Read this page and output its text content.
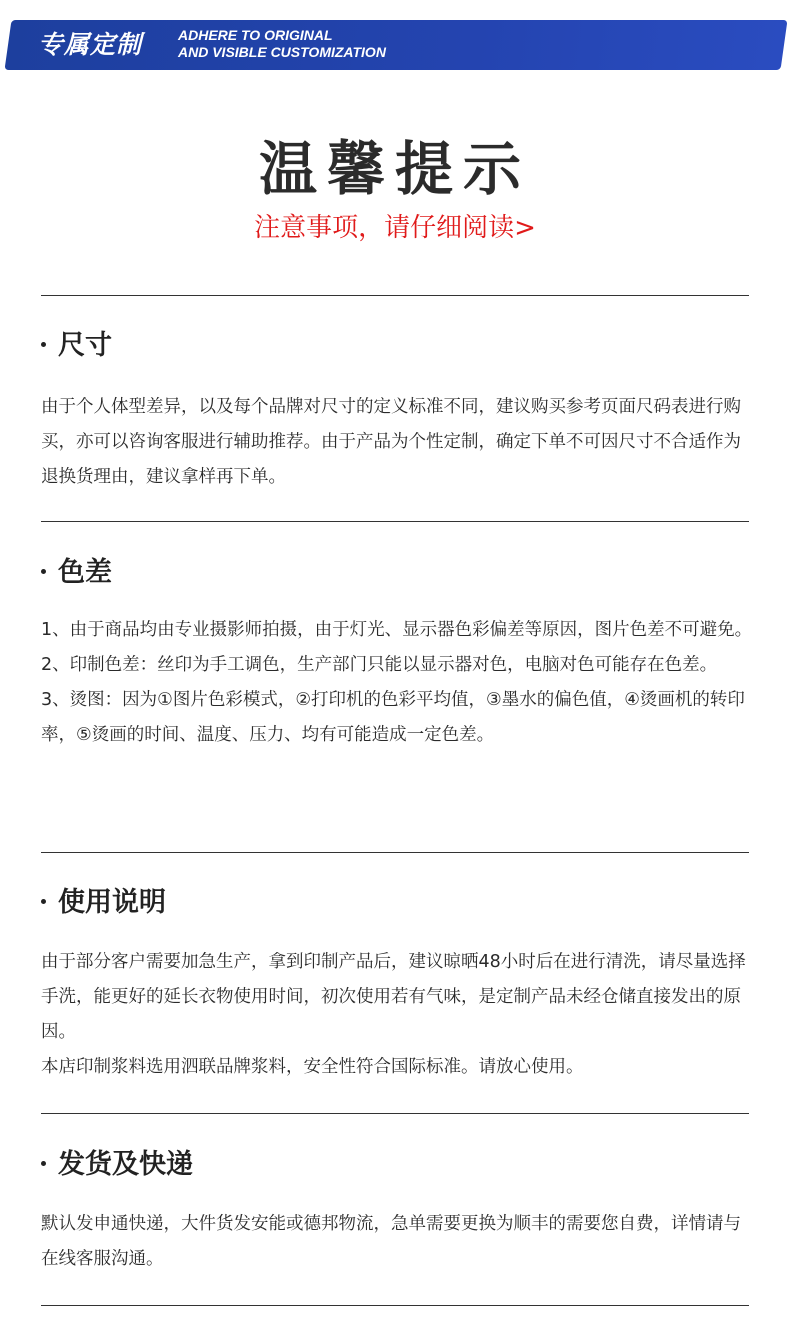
专属定制	ADHERE TO ORIGINAL
AND VISIBLE CUSTOMIZATION
温馨提示
注意事项，请仔细阅读>
尺寸

由于个人体型差异，以及每个品牌对尺寸的定义标准不同，建议购买参考页面尺码表进行购买，亦可以咨询客服进行辅助推荐。由于产品为个性定制，确定下单不可因尺寸不合适作为退换货理由，建议拿样再下单。

色差

1、由于商品均由专业摄影师拍摄，由于灯光、显示器色彩偏差等原因，图片色差不可避免。

2、印制色差：丝印为手工调色，生产部门只能以显示器对色，电脑对色可能存在色差。

3、烫图：因为①图片色彩模式，②打印机的色彩平均值，③墨水的偏色值，④烫画机的转印率，⑤烫画的时间、温度、压力、均有可能造成一定色差。

使用说明

由于部分客户需要加急生产，拿到印制产品后，建议晾晒48小时后在进行清洗，请尽量选择手洗，能更好的延长衣物使用时间，初次使用若有气味，是定制产品未经仓储直接发出的原因。

本店印制浆料选用泗联品牌浆料，安全性符合国际标准。请放心使用。

发货及快递

默认发申通快递，大件货发安能或德邦物流，急单需要更换为顺丰的需要您自费，详情请与在线客服沟通。
